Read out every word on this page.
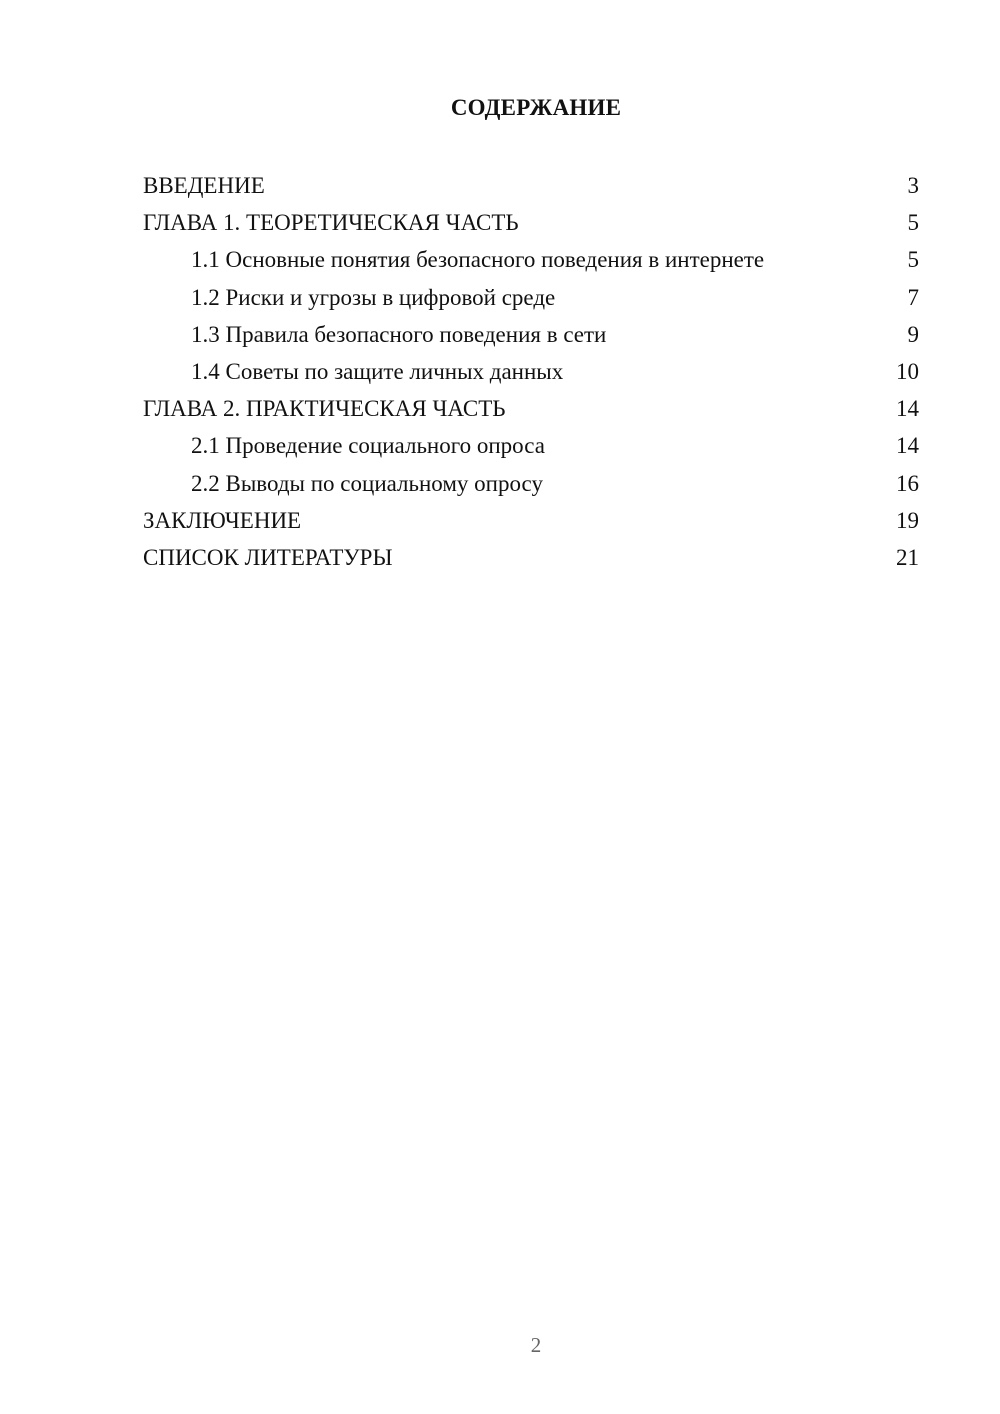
СОДЕРЖАНИЕ
ВВЕДЕНИЕ	3
ГЛАВА 1. ТЕОРЕТИЧЕСКАЯ ЧАСТЬ	5
1.1 Основные понятия безопасного поведения в интернете	5
1.2 Риски и угрозы в цифровой среде	7
1.3 Правила безопасного поведения в сети	9
1.4 Советы по защите личных данных	10
ГЛАВА 2. ПРАКТИЧЕСКАЯ ЧАСТЬ	14
2.1 Проведение социального опроса	14
2.2 Выводы по социальному опросу	16
ЗАКЛЮЧЕНИЕ	19
СПИСОК ЛИТЕРАТУРЫ	21
2
